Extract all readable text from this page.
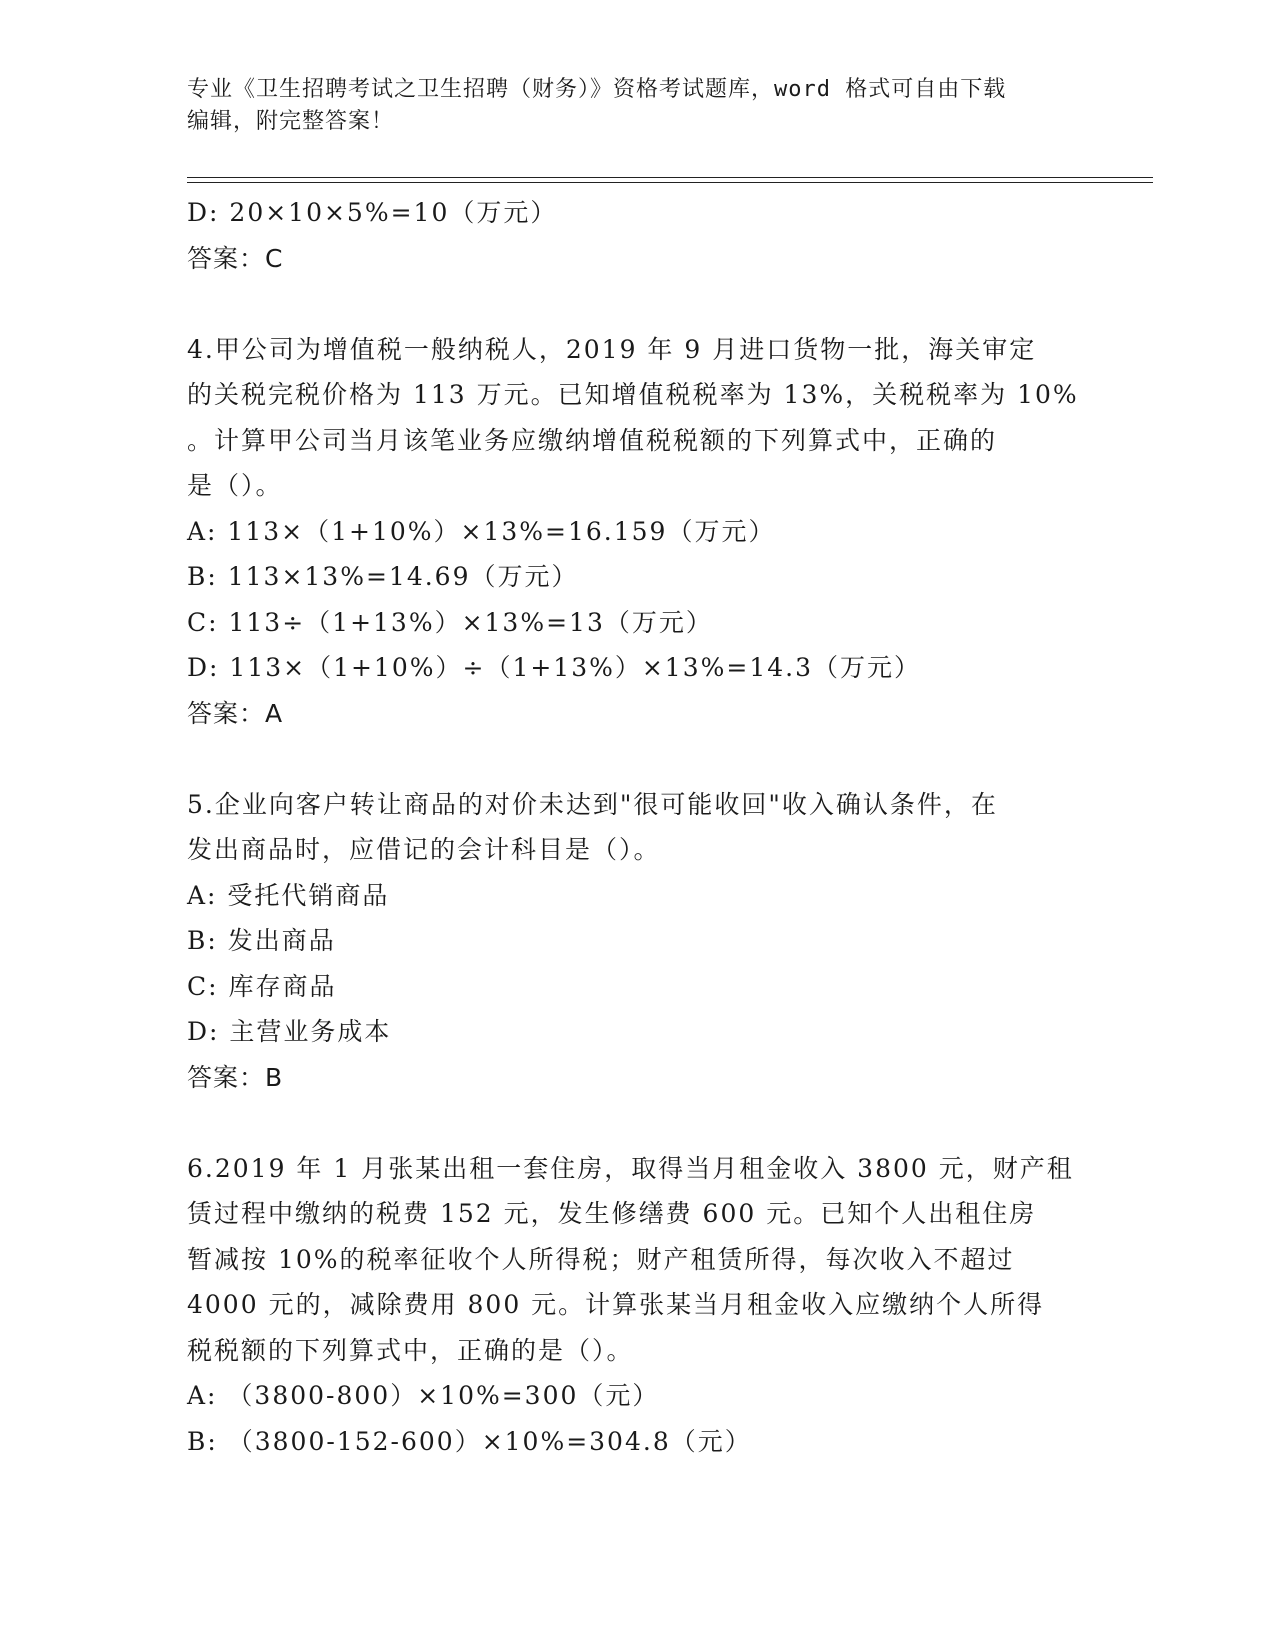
专业《卫生招聘考试之卫生招聘（财务）》资格考试题库，word 格式可自由下载
编辑，附完整答案！
D: 20×10×5%=10（万元）
答案：C
4.甲公司为增值税一般纳税人，2019 年 9 月进口货物一批，海关审定
的关税完税价格为 113 万元。已知增值税税率为 13%，关税税率为 10%
。计算甲公司当月该笔业务应缴纳增值税税额的下列算式中，正确的
是（）。
A: 113×（1+10%）×13%=16.159（万元）
B: 113×13%=14.69（万元）
C: 113÷（1+13%）×13%=13（万元）
D: 113×（1+10%）÷（1+13%）×13%=14.3（万元）
答案：A
5.企业向客户转让商品的对价未达到"很可能收回"收入确认条件，在
发出商品时，应借记的会计科目是（）。
A: 受托代销商品
B: 发出商品
C: 库存商品
D: 主营业务成本
答案：B
6.2019 年 1 月张某出租一套住房，取得当月租金收入 3800 元，财产租
赁过程中缴纳的税费 152 元，发生修缮费 600 元。已知个人出租住房
暂减按 10%的税率征收个人所得税；财产租赁所得，每次收入不超过
4000 元的，减除费用 800 元。计算张某当月租金收入应缴纳个人所得
税税额的下列算式中，正确的是（）。
A: （3800-800）×10%=300（元）
B: （3800-152-600）×10%=304.8（元）
